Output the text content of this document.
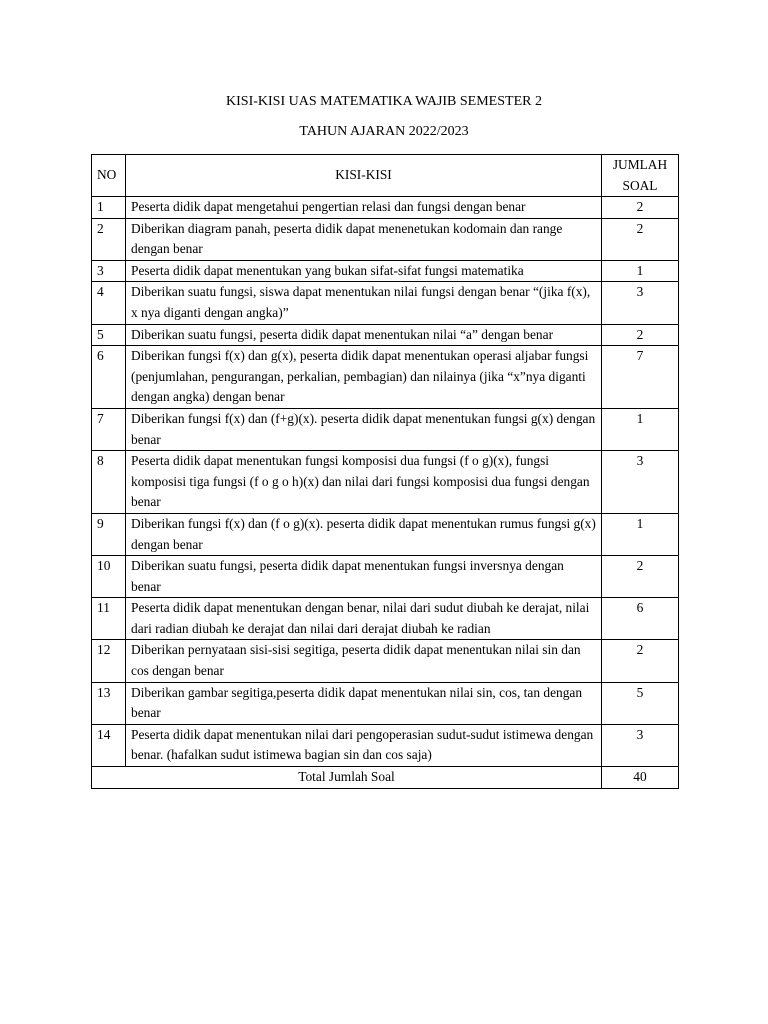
KISI-KISI UAS MATEMATIKA WAJIB SEMESTER 2
TAHUN AJARAN 2022/2023
NO	KISI-KISI	JUMLAH
SOAL
1	Peserta didik dapat mengetahui pengertian relasi dan fungsi dengan benar	2
2	Diberikan diagram panah, peserta didik dapat menenetukan kodomain dan range dengan benar	2
3	Peserta didik dapat menentukan yang bukan sifat-sifat fungsi matematika	1
4	Diberikan suatu fungsi, siswa dapat menentukan nilai fungsi dengan benar “(jika f(x), x nya diganti dengan angka)”	3
5	Diberikan suatu fungsi, peserta didik dapat menentukan nilai “a” dengan benar	2
6	Diberikan fungsi f(x) dan g(x), peserta didik dapat menentukan operasi aljabar fungsi (penjumlahan, pengurangan, perkalian, pembagian) dan nilainya (jika “x”nya diganti dengan angka) dengan benar	7
7	Diberikan fungsi f(x) dan (f+g)(x). peserta didik dapat menentukan fungsi g(x) dengan benar	1
8	Peserta didik dapat menentukan fungsi komposisi dua fungsi (f o g)(x), fungsi komposisi tiga fungsi (f o g o h)(x) dan nilai dari fungsi komposisi dua fungsi dengan benar	3
9	Diberikan fungsi f(x) dan (f o g)(x). peserta didik dapat menentukan rumus fungsi g(x) dengan benar	1
10	Diberikan suatu fungsi, peserta didik dapat menentukan fungsi inversnya dengan benar	2
11	Peserta didik dapat menentukan dengan benar, nilai dari sudut diubah ke derajat, nilai dari radian diubah ke derajat dan nilai dari derajat diubah ke radian	6
12	Diberikan pernyataan sisi-sisi segitiga, peserta didik dapat menentukan nilai sin dan cos dengan benar	2
13	Diberikan gambar segitiga,peserta didik dapat menentukan nilai sin, cos, tan dengan benar	5
14	Peserta didik dapat menentukan nilai dari pengoperasian sudut-sudut istimewa dengan benar. (hafalkan sudut istimewa bagian sin dan cos saja)	3
Total Jumlah Soal		40
